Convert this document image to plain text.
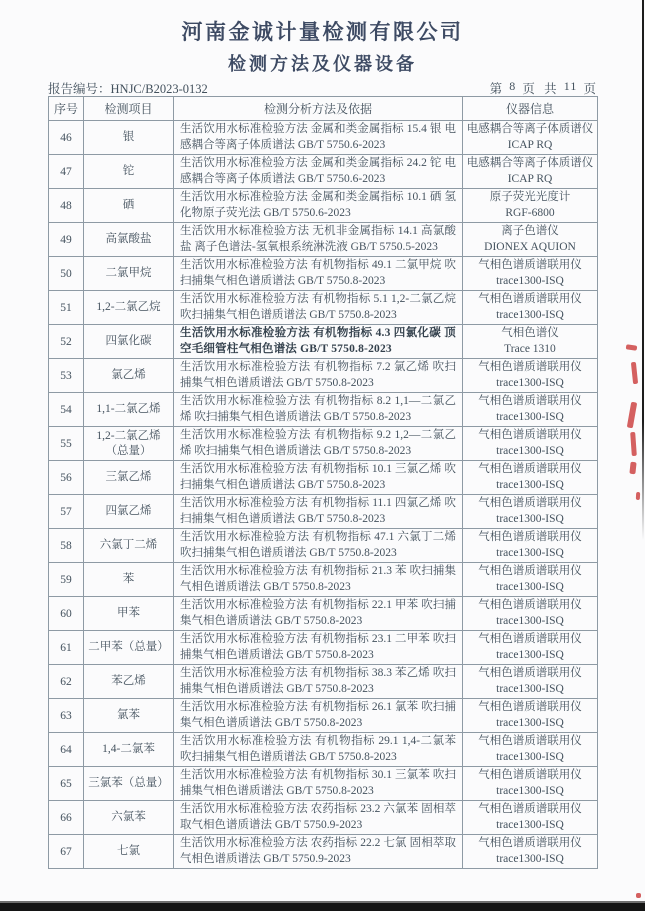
河南金诚计量检测有限公司
检测方法及仪器设备
报告编号：HNJC/B2023-0132	第 8 页 共 11 页
序号	检测项目	检测分析方法及依据	仪器信息
46	银	生活饮用水标准检验方法 金属和类金属指标 15.4 银 电感耦合等离子体质谱法 GB/T 5750.6-2023	电感耦合等离子体质谱仪
ICAP RQ

47	铊	生活饮用水标准检验方法 金属和类金属指标 24.2 铊 电感耦合等离子体质谱法 GB/T 5750.6-2023	电感耦合等离子体质谱仪
ICAP RQ

48	硒	生活饮用水标准检验方法 金属和类金属指标 10.1 硒 氢化物原子荧光法 GB/T 5750.6-2023	原子荧光光度计
RGF-6800

49	高氯酸盐	生活饮用水标准检验方法 无机非金属指标 14.1 高氯酸盐 离子色谱法-氢氧根系统淋洗液 GB/T 5750.5-2023	离子色谱仪
DIONEX AQUION

50	二氯甲烷	生活饮用水标准检验方法 有机物指标 49.1 二氯甲烷 吹扫捕集气相色谱质谱法 GB/T 5750.8-2023	气相色谱质谱联用仪
trace1300-ISQ

51	1,2-二氯乙烷	生活饮用水标准检验方法 有机物指标 5.1 1,2-二氯乙烷 吹扫捕集气相色谱质谱法 GB/T 5750.8-2023	气相色谱质谱联用仪
trace1300-ISQ

52	四氯化碳	生活饮用水标准检验方法 有机物指标 4.3 四氯化碳 顶空毛细管柱气相色谱法 GB/T 5750.8-2023	气相色谱仪
Trace 1310

53	氯乙烯	生活饮用水标准检验方法 有机物指标 7.2 氯乙烯 吹扫捕集气相色谱质谱法 GB/T 5750.8-2023	气相色谱质谱联用仪
trace1300-ISQ

54	1,1-二氯乙烯	生活饮用水标准检验方法 有机物指标 8.2 1,1—二氯乙烯 吹扫捕集气相色谱质谱法 GB/T 5750.8-2023	气相色谱质谱联用仪
trace1300-ISQ

55	1,2-二氯乙烯（总量）	生活饮用水标准检验方法 有机物指标 9.2 1,2—二氯乙烯 吹扫捕集气相色谱质谱法 GB/T 5750.8-2023	气相色谱质谱联用仪
trace1300-ISQ

56	三氯乙烯	生活饮用水标准检验方法 有机物指标 10.1 三氯乙烯 吹扫捕集气相色谱质谱法 GB/T 5750.8-2023	气相色谱质谱联用仪
trace1300-ISQ

57	四氯乙烯	生活饮用水标准检验方法 有机物指标 11.1 四氯乙烯 吹扫捕集气相色谱质谱法 GB/T 5750.8-2023	气相色谱质谱联用仪
trace1300-ISQ

58	六氯丁二烯	生活饮用水标准检验方法 有机物指标 47.1 六氯丁二烯 吹扫捕集气相色谱质谱法 GB/T 5750.8-2023	气相色谱质谱联用仪
trace1300-ISQ

59	苯	生活饮用水标准检验方法 有机物指标 21.3 苯 吹扫捕集气相色谱质谱法 GB/T 5750.8-2023	气相色谱质谱联用仪
trace1300-ISQ

60	甲苯	生活饮用水标准检验方法 有机物指标 22.1 甲苯 吹扫捕集气相色谱质谱法 GB/T 5750.8-2023	气相色谱质谱联用仪
trace1300-ISQ

61	二甲苯（总量）	生活饮用水标准检验方法 有机物指标 23.1 二甲苯 吹扫捕集气相色谱质谱法 GB/T 5750.8-2023	气相色谱质谱联用仪
trace1300-ISQ

62	苯乙烯	生活饮用水标准检验方法 有机物指标 38.3 苯乙烯 吹扫捕集气相色谱质谱法 GB/T 5750.8-2023	气相色谱质谱联用仪
trace1300-ISQ

63	氯苯	生活饮用水标准检验方法 有机物指标 26.1 氯苯 吹扫捕集气相色谱质谱法 GB/T 5750.8-2023	气相色谱质谱联用仪
trace1300-ISQ

64	1,4-二氯苯	生活饮用水标准检验方法 有机物指标 29.1 1,4-二氯苯 吹扫捕集气相色谱质谱法 GB/T 5750.8-2023	气相色谱质谱联用仪
trace1300-ISQ

65	三氯苯（总量）	生活饮用水标准检验方法 有机物指标 30.1 三氯苯 吹扫捕集气相色谱质谱法 GB/T 5750.8-2023	气相色谱质谱联用仪
trace1300-ISQ

66	六氯苯	生活饮用水标准检验方法 农药指标 23.2 六氯苯 固相萃取气相色谱质谱法 GB/T 5750.9-2023	气相色谱质谱联用仪
trace1300-ISQ

67	七氯	生活饮用水标准检验方法 农药指标 22.2 七氯 固相萃取气相色谱质谱法 GB/T 5750.9-2023	气相色谱质谱联用仪
trace1300-ISQ
